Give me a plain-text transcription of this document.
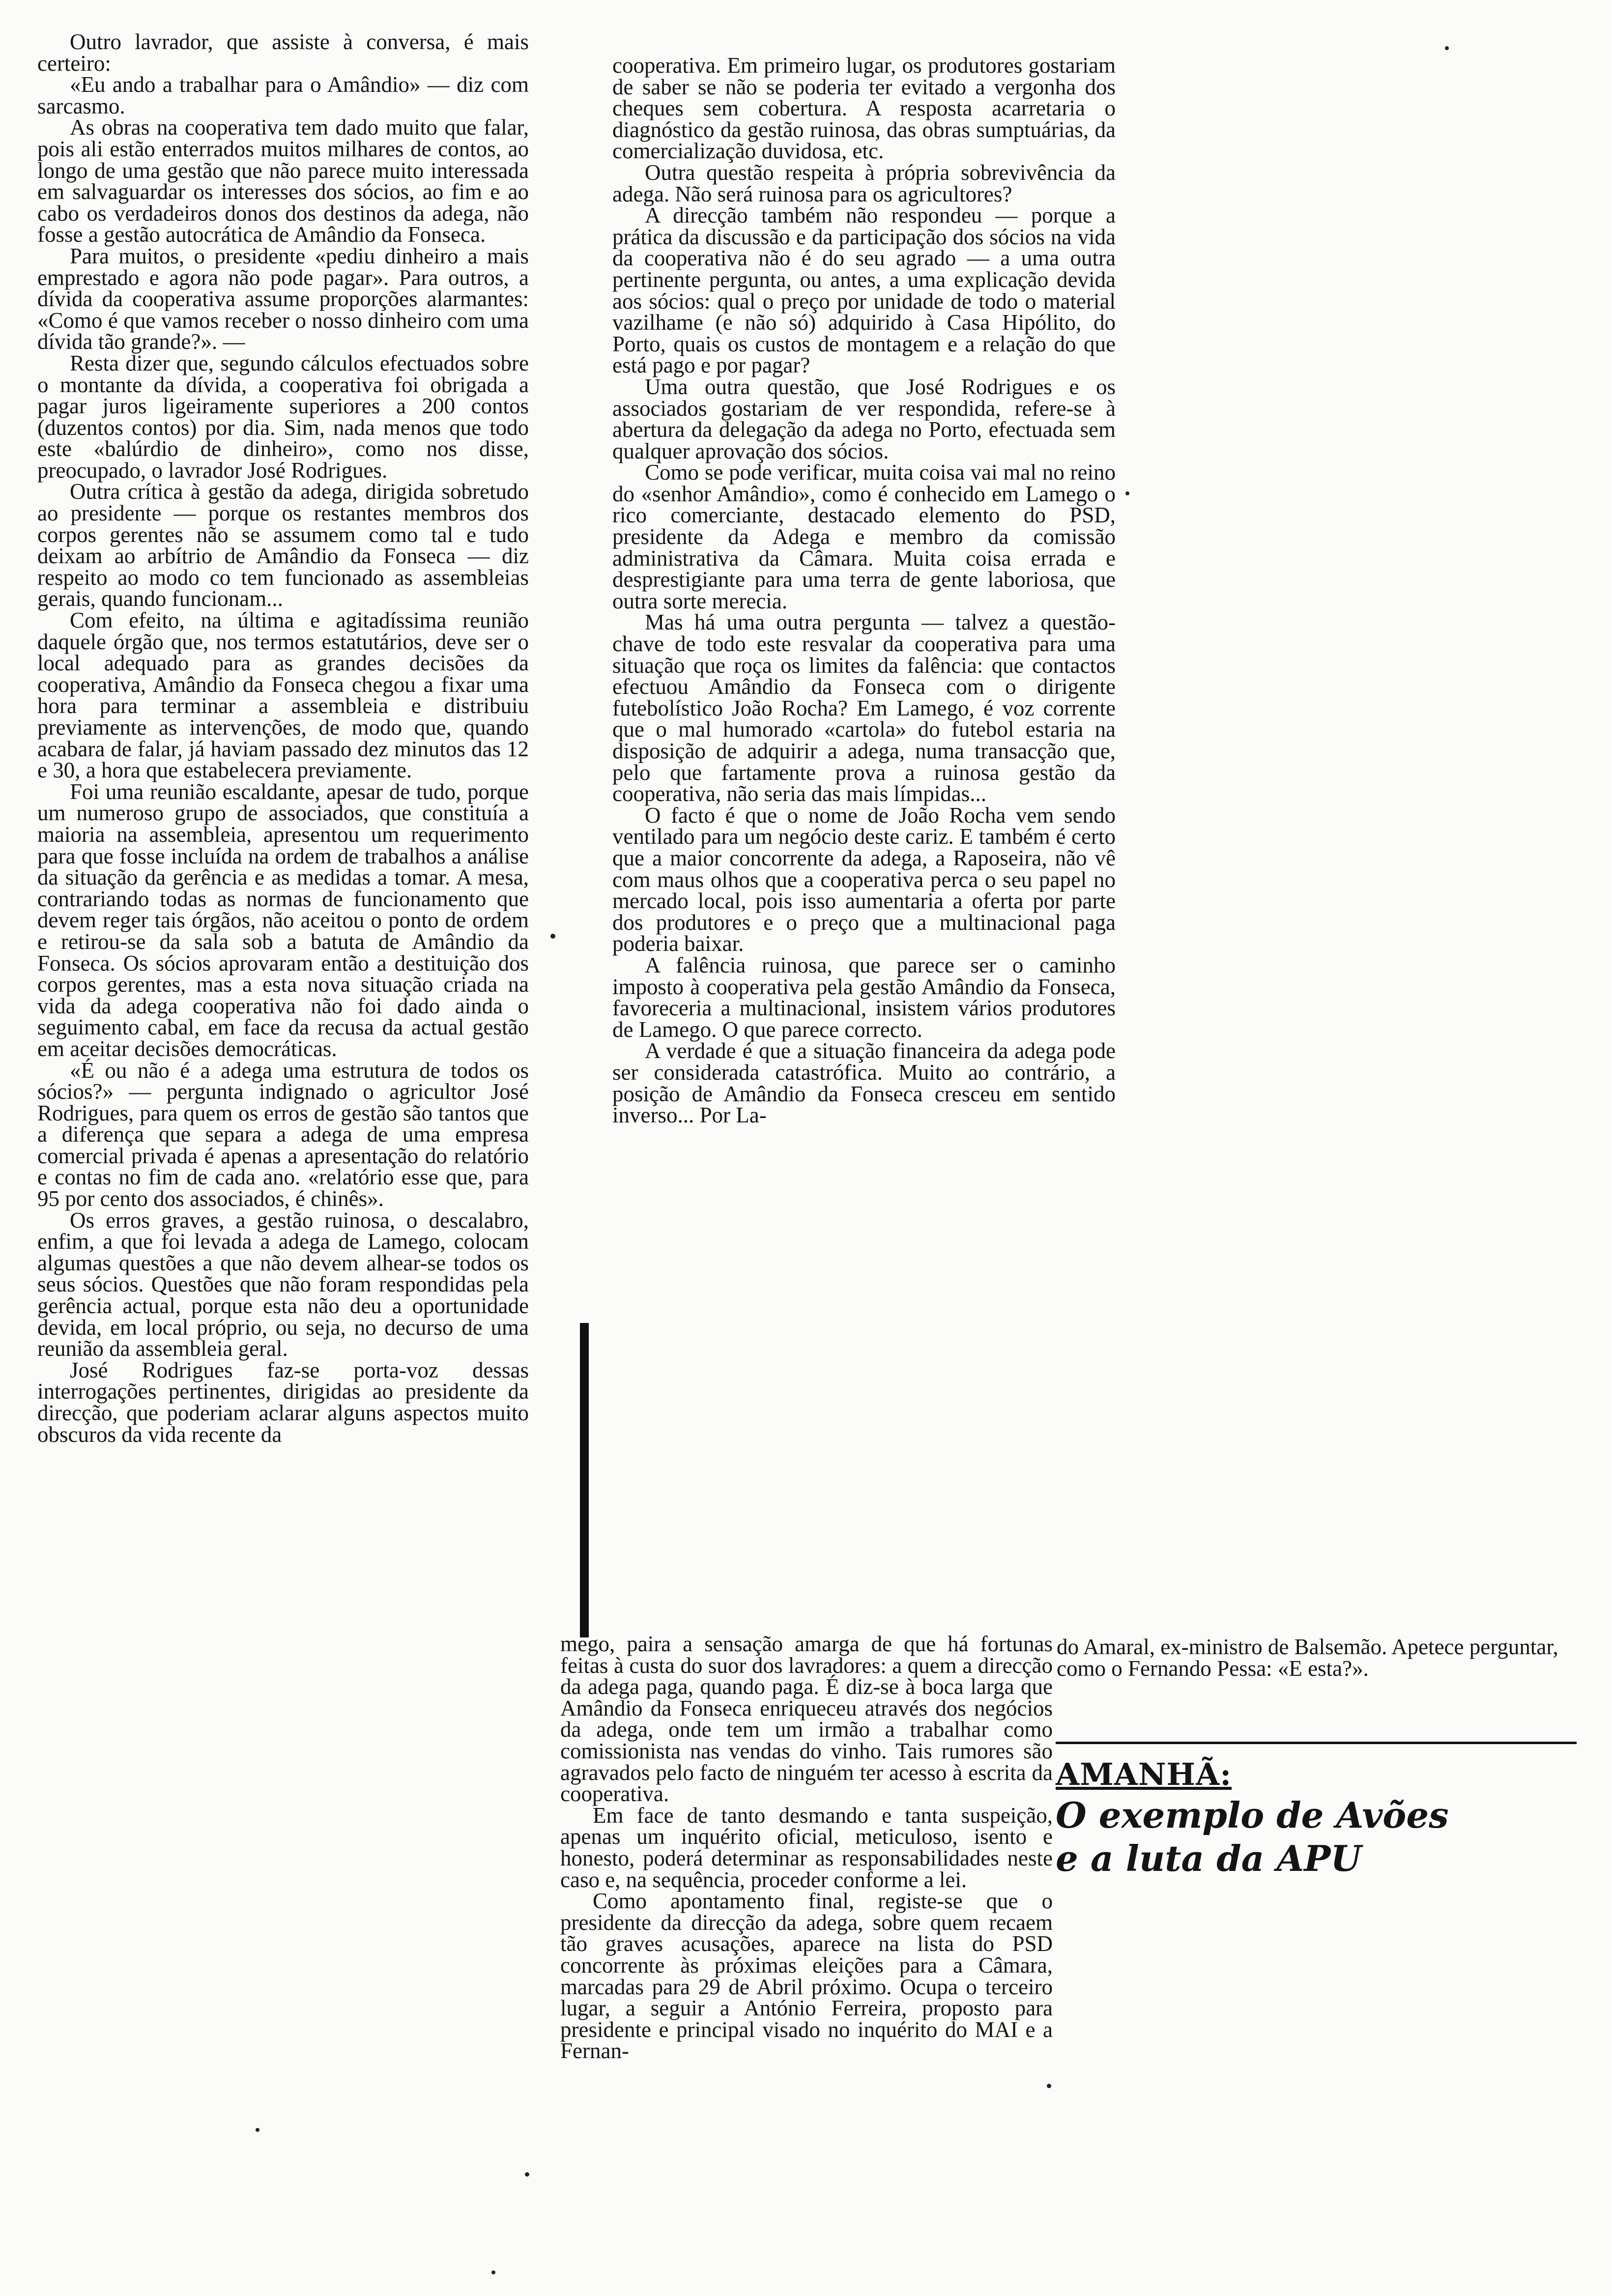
Outro lavrador, que assiste à conversa, é mais certeiro:

«Eu ando a trabalhar para o Amândio» — diz com sarcasmo.

As obras na cooperativa tem dado muito que falar, pois ali estão enterrados muitos milhares de contos, ao longo de uma gestão que não parece muito interessada em salvaguardar os interesses dos sócios, ao fim e ao cabo os verdadeiros donos dos destinos da adega, não fosse a gestão autocrática de Amândio da Fonseca.

Para muitos, o presidente «pediu dinheiro a mais emprestado e agora não pode pagar». Para outros, a dívida da cooperativa assume proporções alarmantes: «Como é que vamos receber o nosso dinheiro com uma dívida tão grande?». —

Resta dizer que, segundo cálculos efectuados sobre o montante da dívida, a cooperativa foi obrigada a pagar juros ligeiramente superiores a 200 contos (duzentos contos) por dia. Sim, nada menos que todo este «balúrdio de dinheiro», como nos disse, preocupado, o lavrador José Rodrigues.

Outra crítica à gestão da adega, dirigida sobretudo ao presidente — porque os restantes membros dos corpos gerentes não se assumem como tal e tudo deixam ao arbítrio de Amândio da Fonseca — diz respeito ao modo co tem funcionado as assembleias gerais, quando funcionam...

Com efeito, na última e agitadíssima reunião daquele órgão que, nos termos estatutários, deve ser o local adequado para as grandes decisões da cooperativa, Amândio da Fonseca chegou a fixar uma hora para terminar a assembleia e distribuiu previamente as intervenções, de modo que, quando acabara de falar, já haviam passado dez minutos das 12 e 30, a hora que estabelecera previamente.

Foi uma reunião escaldante, apesar de tudo, porque um numeroso grupo de associados, que constituía a maioria na assembleia, apresentou um requerimento para que fosse incluída na ordem de trabalhos a análise da situação da gerência e as medidas a tomar. A mesa, contrariando todas as normas de funcionamento que devem reger tais órgãos, não aceitou o ponto de ordem e retirou-se da sala sob a batuta de Amândio da Fonseca. Os sócios aprovaram então a destituição dos corpos gerentes, mas a esta nova situação criada na vida da adega cooperativa não foi dado ainda o seguimento cabal, em face da recusa da actual gestão em aceitar decisões democráticas.

«É ou não é a adega uma estrutura de todos os sócios?» — pergunta indignado o agricultor José Rodrigues, para quem os erros de gestão são tantos que a diferença que separa a adega de uma empresa comercial privada é apenas a apresentação do relatório e contas no fim de cada ano. «relatório esse que, para 95 por cento dos associados, é chinês».

Os erros graves, a gestão ruinosa, o descalabro, enfim, a que foi levada a adega de Lamego, colocam algumas questões a que não devem alhear-se todos os seus sócios. Questões que não foram respondidas pela gerência actual, porque esta não deu a oportunidade devida, em local próprio, ou seja, no decurso de uma reunião da assembleia geral.

José Rodrigues faz-se porta-voz dessas interrogações pertinentes, dirigidas ao presidente da direcção, que poderiam aclarar alguns aspectos muito obscuros da vida recente da

cooperativa. Em primeiro lugar, os produtores gostariam de saber se não se poderia ter evitado a vergonha dos cheques sem cobertura. A resposta acarretaria o diagnóstico da gestão ruinosa, das obras sumptuárias, da comercialização duvidosa, etc.

Outra questão respeita à própria sobrevivência da adega. Não será ruinosa para os agricultores?

A direcção também não respondeu — porque a prática da discussão e da participação dos sócios na vida da cooperativa não é do seu agrado — a uma outra pertinente pergunta, ou antes, a uma explicação devida aos sócios: qual o preço por unidade de todo o material vazilhame (e não só) adquirido à Casa Hipólito, do Porto, quais os custos de montagem e a relação do que está pago e por pagar?

Uma outra questão, que José Rodrigues e os associados gostariam de ver respondida, refere-se à abertura da delegação da adega no Porto, efectuada sem qualquer aprovação dos sócios.

Como se pode verificar, muita coisa vai mal no reino do «senhor Amândio», como é conhecido em Lamego o rico comerciante, destacado elemento do PSD, presidente da Adega e membro da comissão administrativa da Câmara. Muita coisa errada e desprestigiante para uma terra de gente laboriosa, que outra sorte merecia.

Mas há uma outra pergunta — talvez a questão-chave de todo este resvalar da cooperativa para uma situação que roça os limites da falência: que contactos efectuou Amândio da Fonseca com o dirigente futebolístico João Rocha? Em Lamego, é voz corrente que o mal humorado «cartola» do futebol estaria na disposição de adquirir a adega, numa transacção que, pelo que fartamente prova a ruinosa gestão da cooperativa, não seria das mais límpidas...

O facto é que o nome de João Rocha vem sendo ventilado para um negócio deste cariz. E também é certo que a maior concorrente da adega, a Raposeira, não vê com maus olhos que a cooperativa perca o seu papel no mercado local, pois isso aumentaria a oferta por parte dos produtores e o preço que a multinacional paga poderia baixar.

A falência ruinosa, que parece ser o caminho imposto à cooperativa pela gestão Amândio da Fonseca, favoreceria a multinacional, insistem vários produtores de Lamego. O que parece correcto.

A verdade é que a situação financeira da adega pode ser considerada catastrófica. Muito ao contrário, a posição de Amândio da Fonseca cresceu em sentido inverso... Por La-

mego, paira a sensação amarga de que há fortunas feitas à custa do suor dos lavradores: a quem a direcção da adega paga, quando paga. É diz-se à boca larga que Amândio da Fonseca enriqueceu através dos negócios da adega, onde tem um irmão a trabalhar como comissionista nas vendas do vinho. Tais rumores são agravados pelo facto de ninguém ter acesso à escrita da cooperativa.

Em face de tanto desmando e tanta suspeição, apenas um inquérito oficial, meticuloso, isento e honesto, poderá determinar as responsabilidades neste caso e, na sequência, proceder conforme a lei.

Como apontamento final, registe-se que o presidente da direcção da adega, sobre quem recaem tão graves acusações, aparece na lista do PSD concorrente às próximas eleições para a Câmara, marcadas para 29 de Abril próximo. Ocupa o terceiro lugar, a seguir a António Ferreira, proposto para presidente e principal visado no inquérito do MAI e a Fernan-

do Amaral, ex-ministro de Balsemão. Apetece perguntar, como o Fernando Pessa: «E esta?».

AMANHÃ:
O exemplo de Avões
e a luta da APU
